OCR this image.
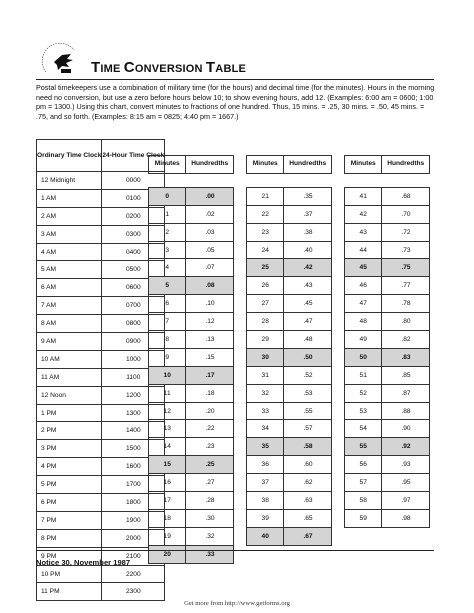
TIME CONVERSION TABLE

Postal timekeepers use a combination of military time (for the hours) and decimal time (for the minutes). Hours in the morning need no conversion, but use a zero before hours below 10; to show evening hours, add 12. (Examples: 6:00 am = 0600; 1:00 pm = 1300.) Using this chart, convert minutes to fractions of one hundred. Thus, 15 mins. = .25, 30 mins. = .50, 45 mins. = .75, and so forth. (Examples: 8:15 am = 0825; 4:40 pm = 1667.)

Ordinary Time Clock	24-Hour Time Clock
12 Midnight	0000
1 AM	0100
2 AM	0200
3 AM	0300
4 AM	0400
5 AM	0500
6 AM	0600
7 AM	0700
8 AM	0800
9 AM	0900
10 AM	1000
11 AM	1100
12 Noon	1200
1 PM	1300
2 PM	1400
3 PM	1500
4 PM	1600
5 PM	1700
6 PM	1800
7 PM	1900
8 PM	2000
9 PM	2100
10 PM	2200
11 PM	2300
Minutes	Hundredths

0	.00
1	.02
2	.03
3	.05
4	.07
5	.08
6	.10
7	.12
8	.13
9	.15
10	.17
11	.18
12	.20
13	.22
14	.23
15	.25
16	.27
17	.28
18	.30
19	.32
20	.33
Minutes	Hundredths

21	.35
22	.37
23	.38
24	.40
25	.42
26	.43
27	.45
28	.47
29	.48
30	.50
31	.52
32	.53
33	.55
34	.57
35	.58
36	.60
37	.62
38	.63
39	.65
40	.67
Minutes	Hundredths

41	.68
42	.70
43	.72
44	.73
45	.75
46	.77
47	.78
48	.80
49	.82
50	.83
51	.85
52	.87
53	.88
54	.90
55	.92
56	.93
57	.95
58	.97
59	.98
Notice 30, November 1987
Get more from http://www.getforms.org
